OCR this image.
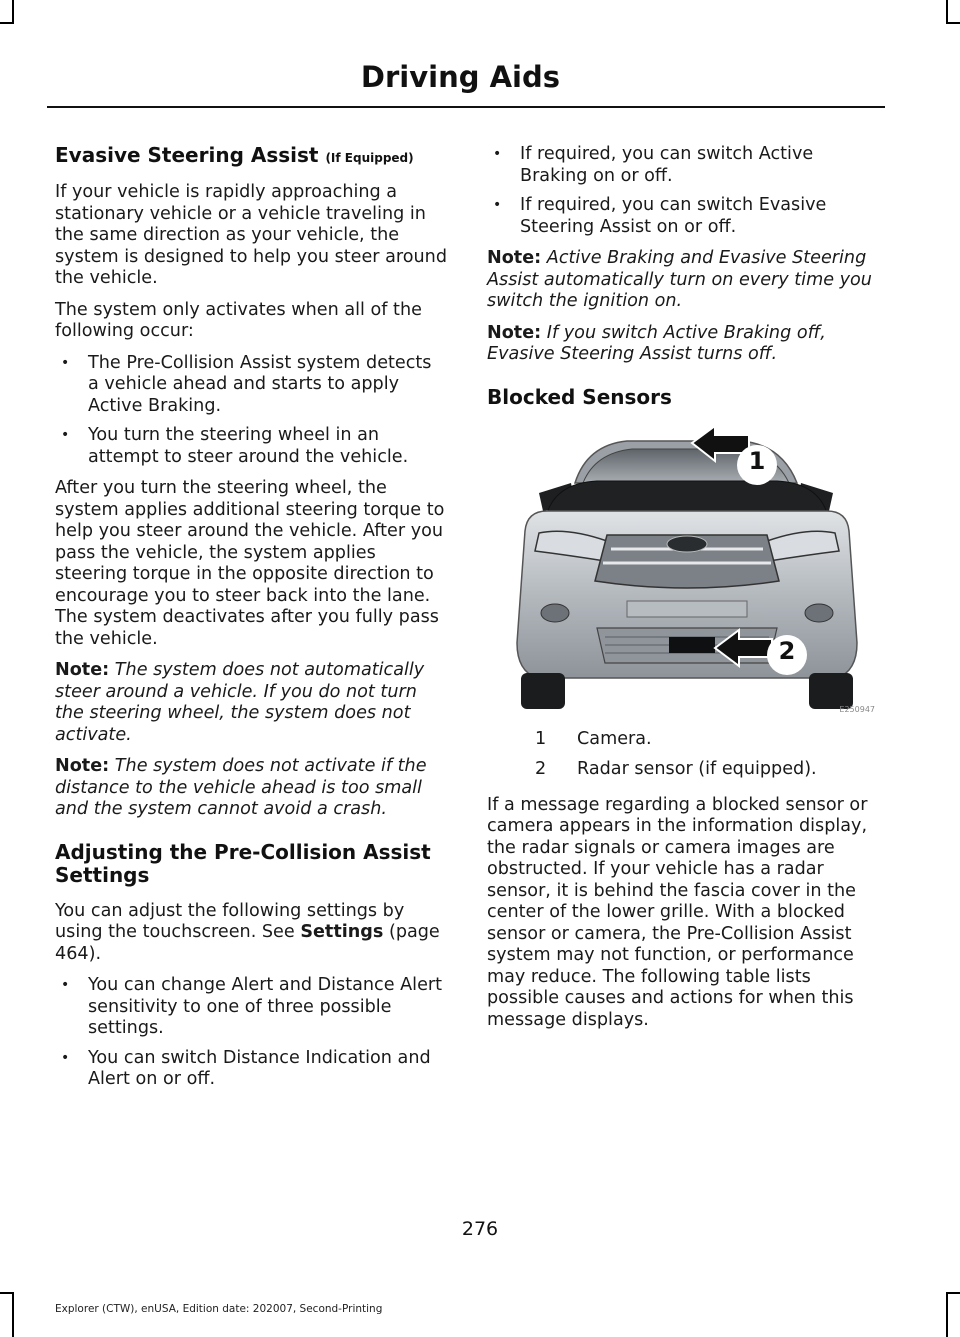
Driving Aids
Evasive Steering Assist (If Equipped)

If your vehicle is rapidly approaching a stationary vehicle or a vehicle traveling in the same direction as your vehicle, the system is designed to help you steer around the vehicle.

The system only activates when all of the following occur:

• The Pre-Collision Assist system detects a vehicle ahead and starts to apply Active Braking.
• You turn the steering wheel in an attempt to steer around the vehicle.

After you turn the steering wheel, the system applies additional steering torque to help you steer around the vehicle. After you pass the vehicle, the system applies steering torque in the opposite direction to encourage you to steer back into the lane. The system deactivates after you fully pass the vehicle.

Note: The system does not automatically steer around a vehicle. If you do not turn the steering wheel, the system does not activate.

Note: The system does not activate if the distance to the vehicle ahead is too small and the system cannot avoid a crash.

Adjusting the Pre-Collision Assist Settings

You can adjust the following settings by using the touchscreen. See Settings (page 464).

• You can change Alert and Distance Alert sensitivity to one of three possible settings.
• You can switch Distance Indication and Alert on or off.
• If required, you can switch Active Braking on or off.
• If required, you can switch Evasive Steering Assist on or off.

Note: Active Braking and Evasive Steering Assist automatically turn on every time you switch the ignition on.

Note: If you switch Active Braking off, Evasive Steering Assist turns off.

Blocked Sensors
1
2
E250947
1	Camera.
2	Radar sensor (if equipped).

If a message regarding a blocked sensor or camera appears in the information display, the radar signals or camera images are obstructed. If your vehicle has a radar sensor, it is behind the fascia cover in the center of the lower grille. With a blocked sensor or camera, the Pre-Collision Assist system may not function, or performance may reduce. The following table lists possible causes and actions for when this message displays.

276
Explorer (CTW), enUSA, Edition date: 202007, Second-Printing
